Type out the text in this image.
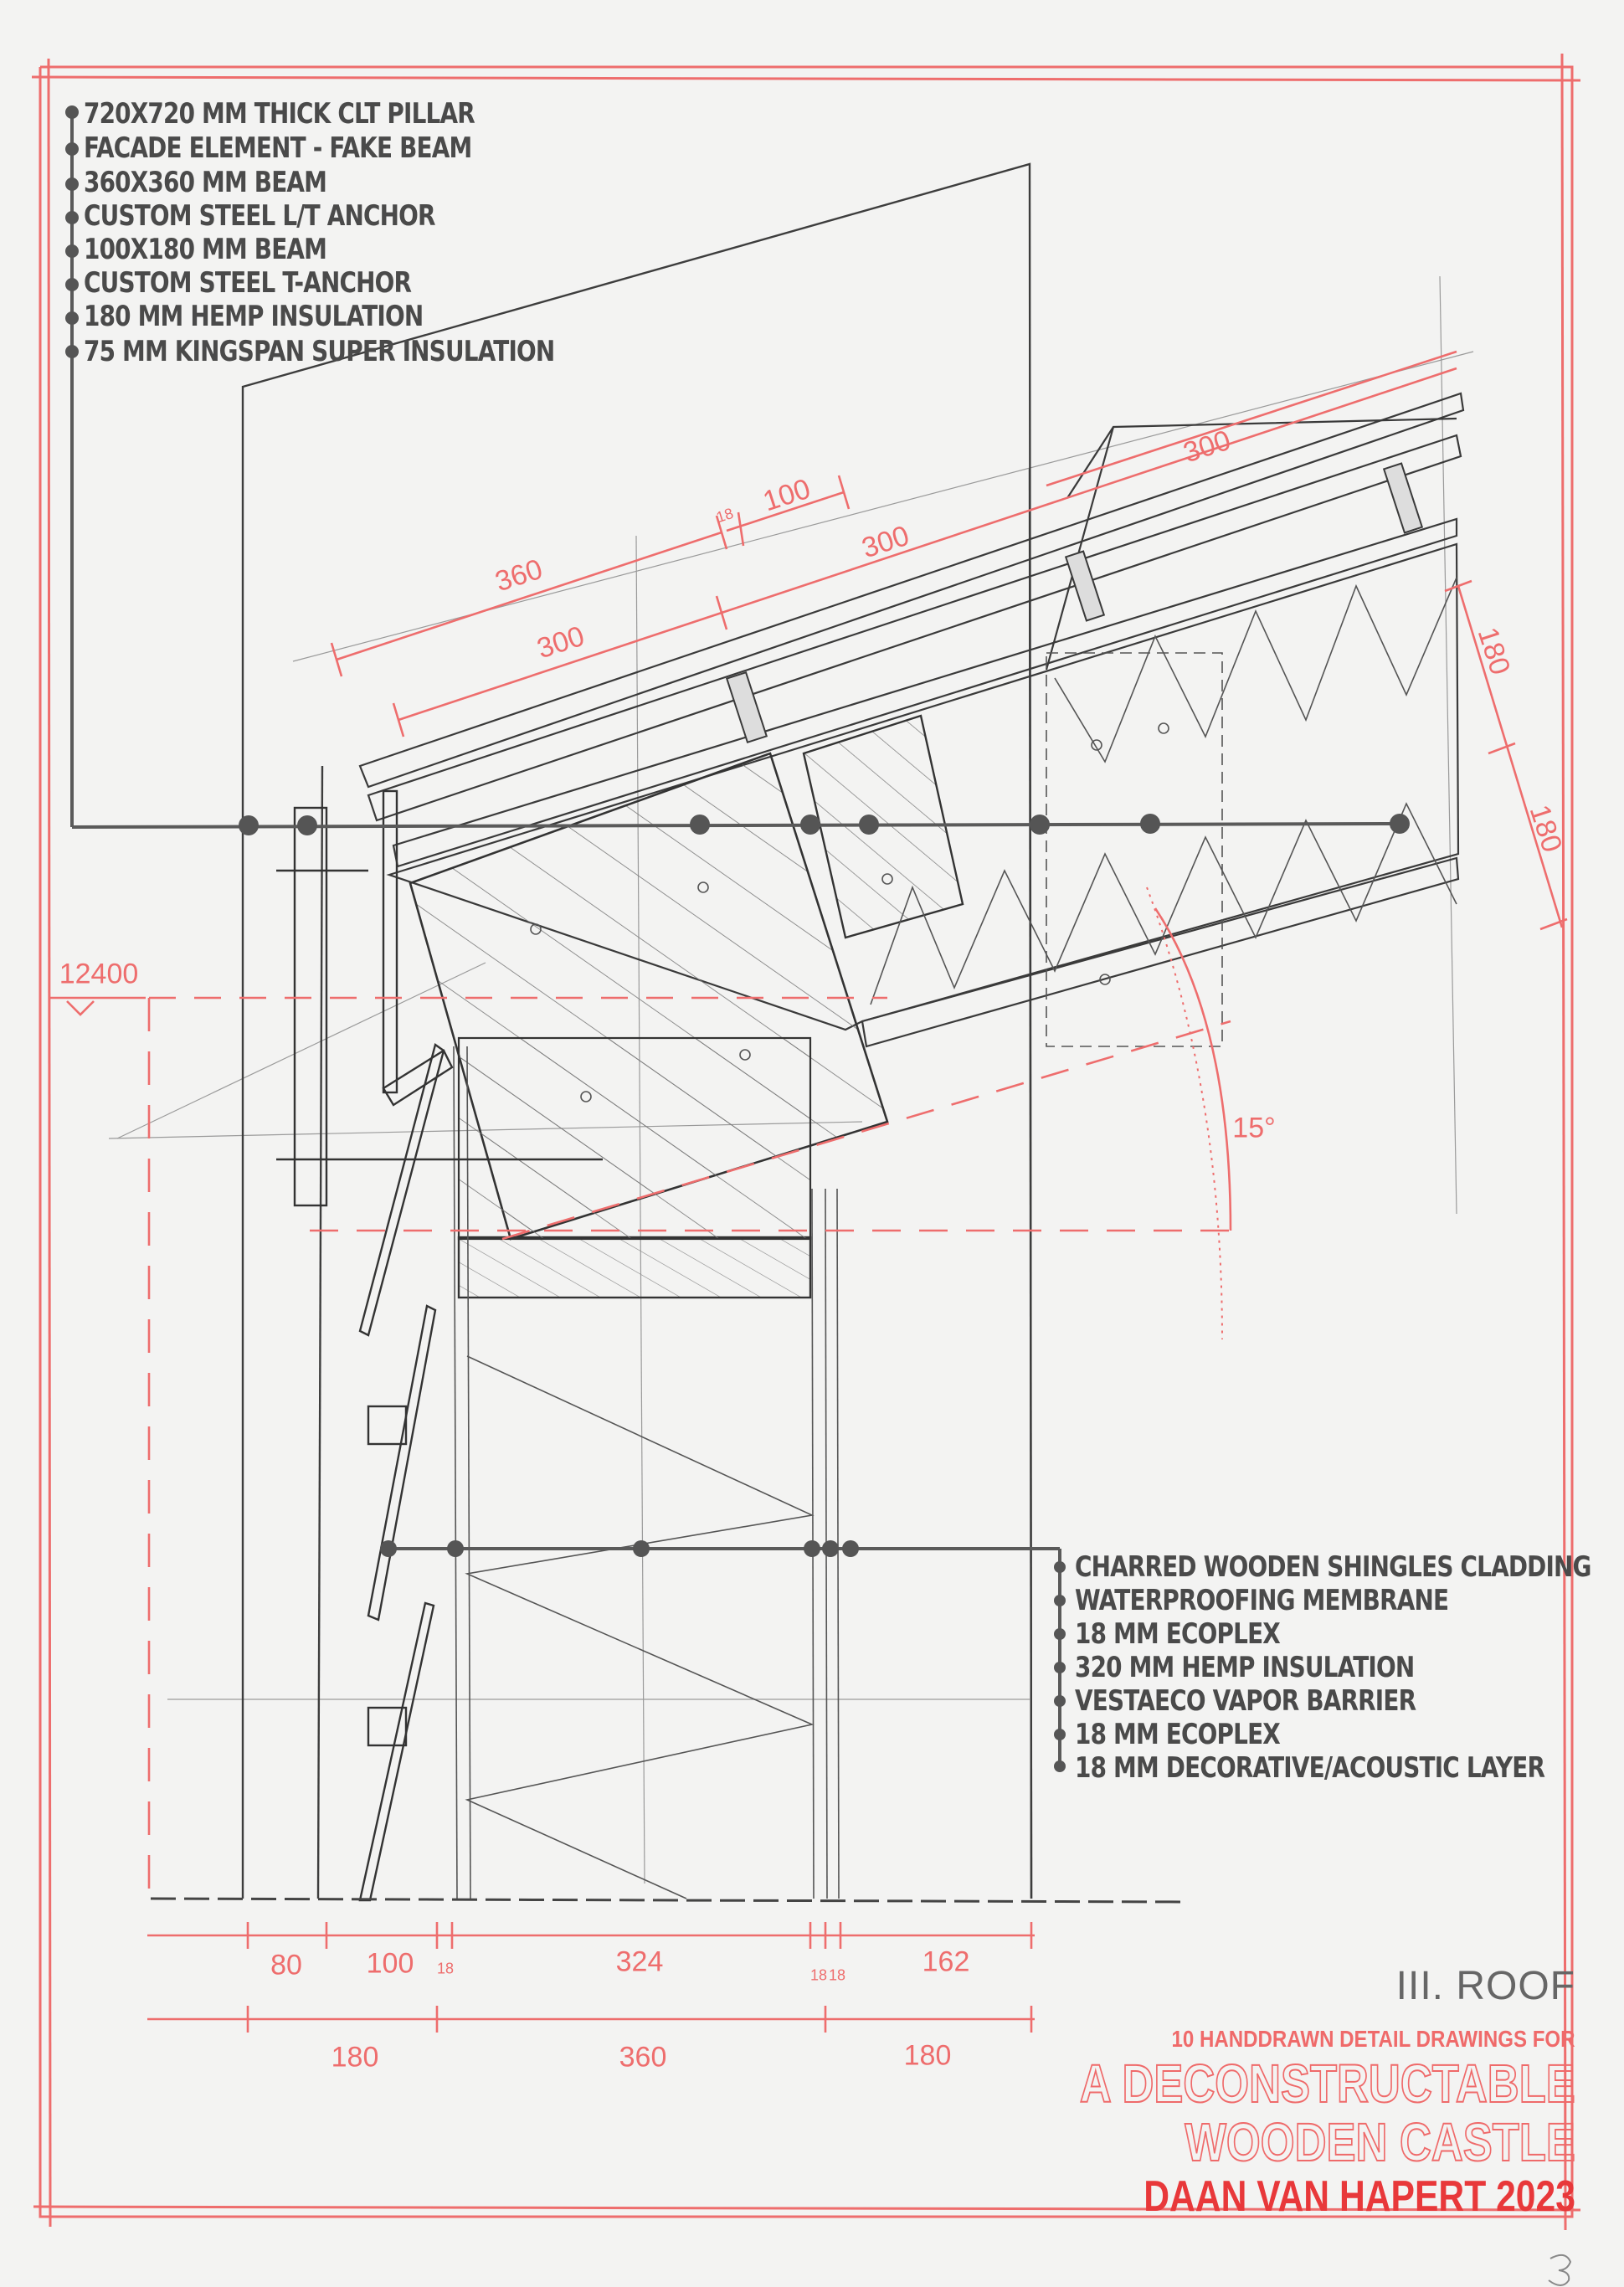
720X720 MM THICK CLT PILLAR
FACADE ELEMENT - FAKE BEAM
360X360 MM BEAM
CUSTOM STEEL L/T ANCHOR
100X180 MM BEAM
CUSTOM STEEL T-ANCHOR
180 MM HEMP INSULATION
75 MM KINGSPAN SUPER INSULATION
CHARRED WOODEN SHINGLES CLADDING
WATERPROOFING MEMBRANE
18 MM ECOPLEX
320 MM HEMP INSULATION
VESTAECO VAPOR BARRIER
18 MM ECOPLEX
18 MM DECORATIVE/ACOUSTIC LAYER
12400
15°
360
300
18 100
300
300
180
180
80 100 18	324	18 18	162
180	360	180
III. ROOF
10 HANDDRAWN DETAIL DRAWINGS FOR
A DECONSTRUCTABLE
WOODEN CASTLE
DAAN VAN HAPERT 2023
